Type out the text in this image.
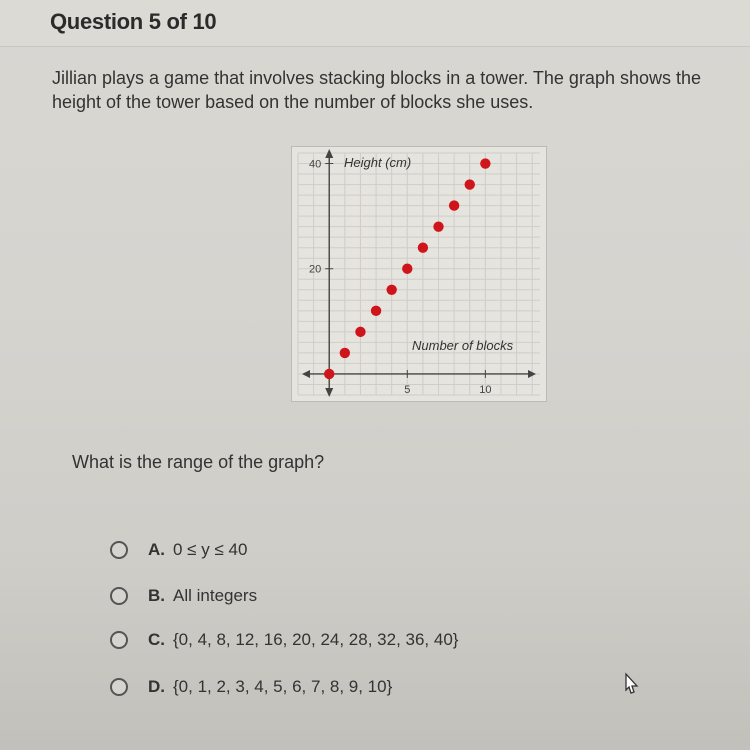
Question 5 of 10
Jillian plays a game that involves stacking blocks in a tower. The graph shows the height of the tower based on the number of blocks she uses.
5	10
20
40 Height (cm)
Number of blocks
What is the range of the graph?
A. 0 ≤ y ≤ 40
B. All integers
C. {0, 4, 8, 12, 16, 20, 24, 28, 32, 36, 40}
D. {0, 1, 2, 3, 4, 5, 6, 7, 8, 9, 10}
